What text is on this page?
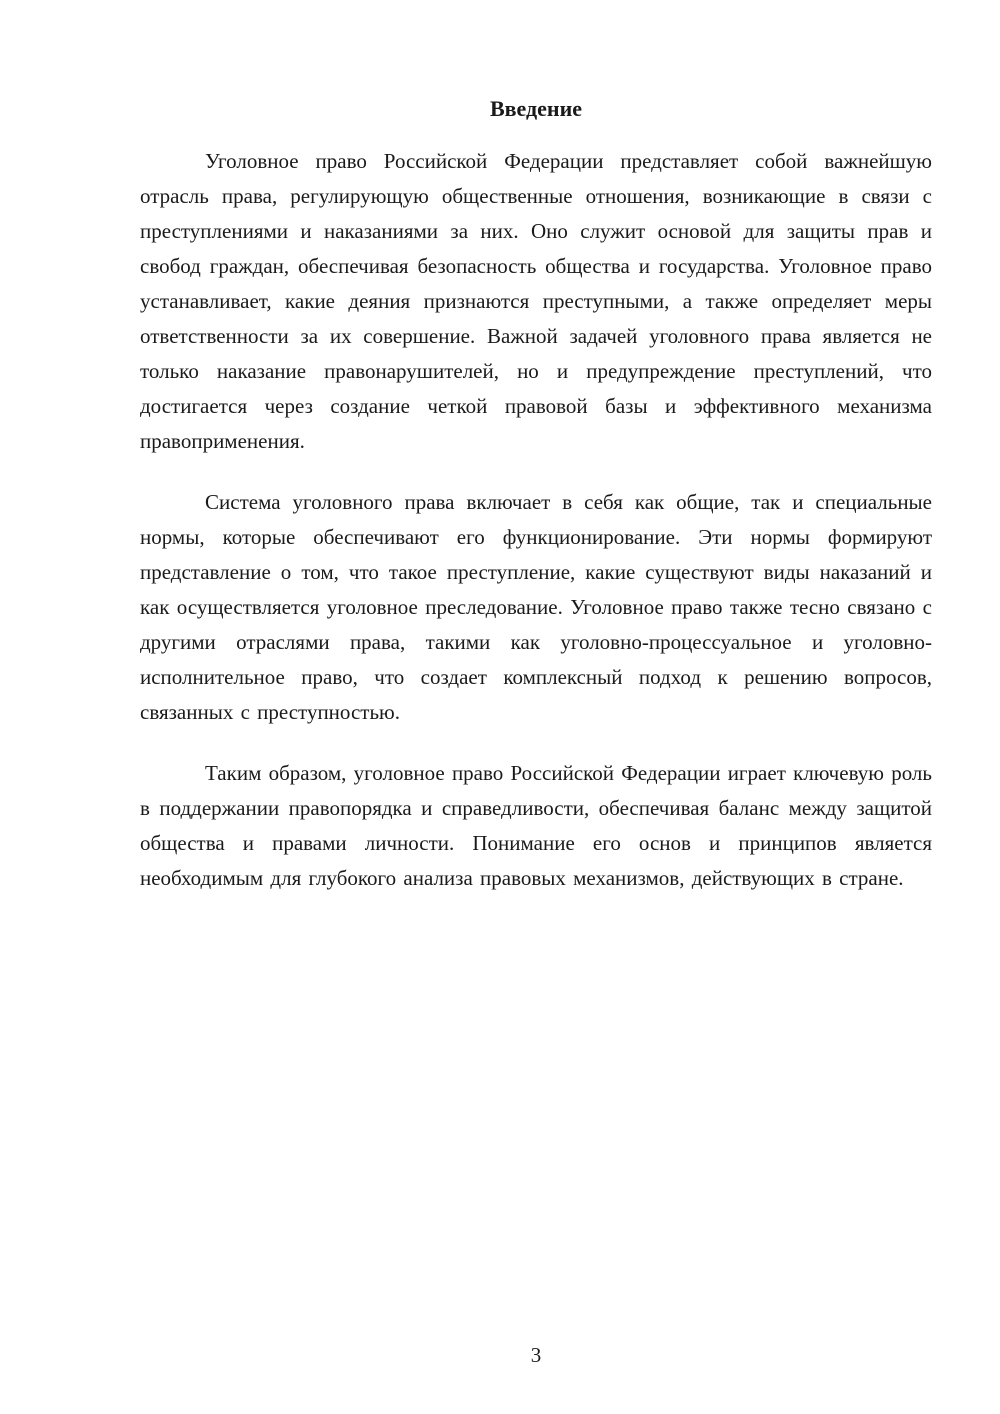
Введение

Уголовное право Российской Федерации представляет собой важнейшую отрасль права, регулирующую общественные отношения, возникающие в связи с преступлениями и наказаниями за них. Оно служит основой для защиты прав и свобод граждан, обеспечивая безопасность общества и государства. Уголовное право устанавливает, какие деяния признаются преступными, а также определяет меры ответственности за их совершение. Важной задачей уголовного права является не только наказание правонарушителей, но и предупреждение преступлений, что достигается через создание четкой правовой базы и эффективного механизма правоприменения.

Система уголовного права включает в себя как общие, так и специальные нормы, которые обеспечивают его функционирование. Эти нормы формируют представление о том, что такое преступление, какие существуют виды наказаний и как осуществляется уголовное преследование. Уголовное право также тесно связано с другими отраслями права, такими как уголовно-процессуальное и уголовно-исполнительное право, что создает комплексный подход к решению вопросов, связанных с преступностью.

Таким образом, уголовное право Российской Федерации играет ключевую роль в поддержании правопорядка и справедливости, обеспечивая баланс между защитой общества и правами личности. Понимание его основ и принципов является необходимым для глубокого анализа правовых механизмов, действующих в стране.

3
